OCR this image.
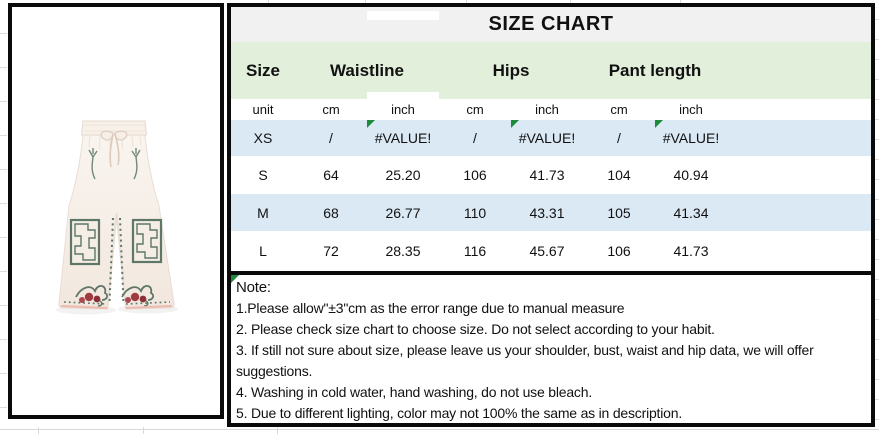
SIZE CHART
Size	Waistline	Hips	Pant length
unit	cm	inch	cm	inch	cm	inch
XS	/	#VALUE!	/	#VALUE!	/	#VALUE!
S	64	25.20	106	41.73	104	40.94
M	68	26.77	110	43.31	105	41.34
L	72	28.35	116	45.67	106	41.73
Note:
1.Please allow"±3"cm as the error range due to manual measure
2. Please check size chart to choose size. Do not select according to your habit.
3. If still not sure about size, please leave us your shoulder, bust, waist and hip data, we will offer suggestions.
4. Washing in cold water, hand washing, do not use bleach.
5. Due to different lighting, color may not 100% the same as in description.
